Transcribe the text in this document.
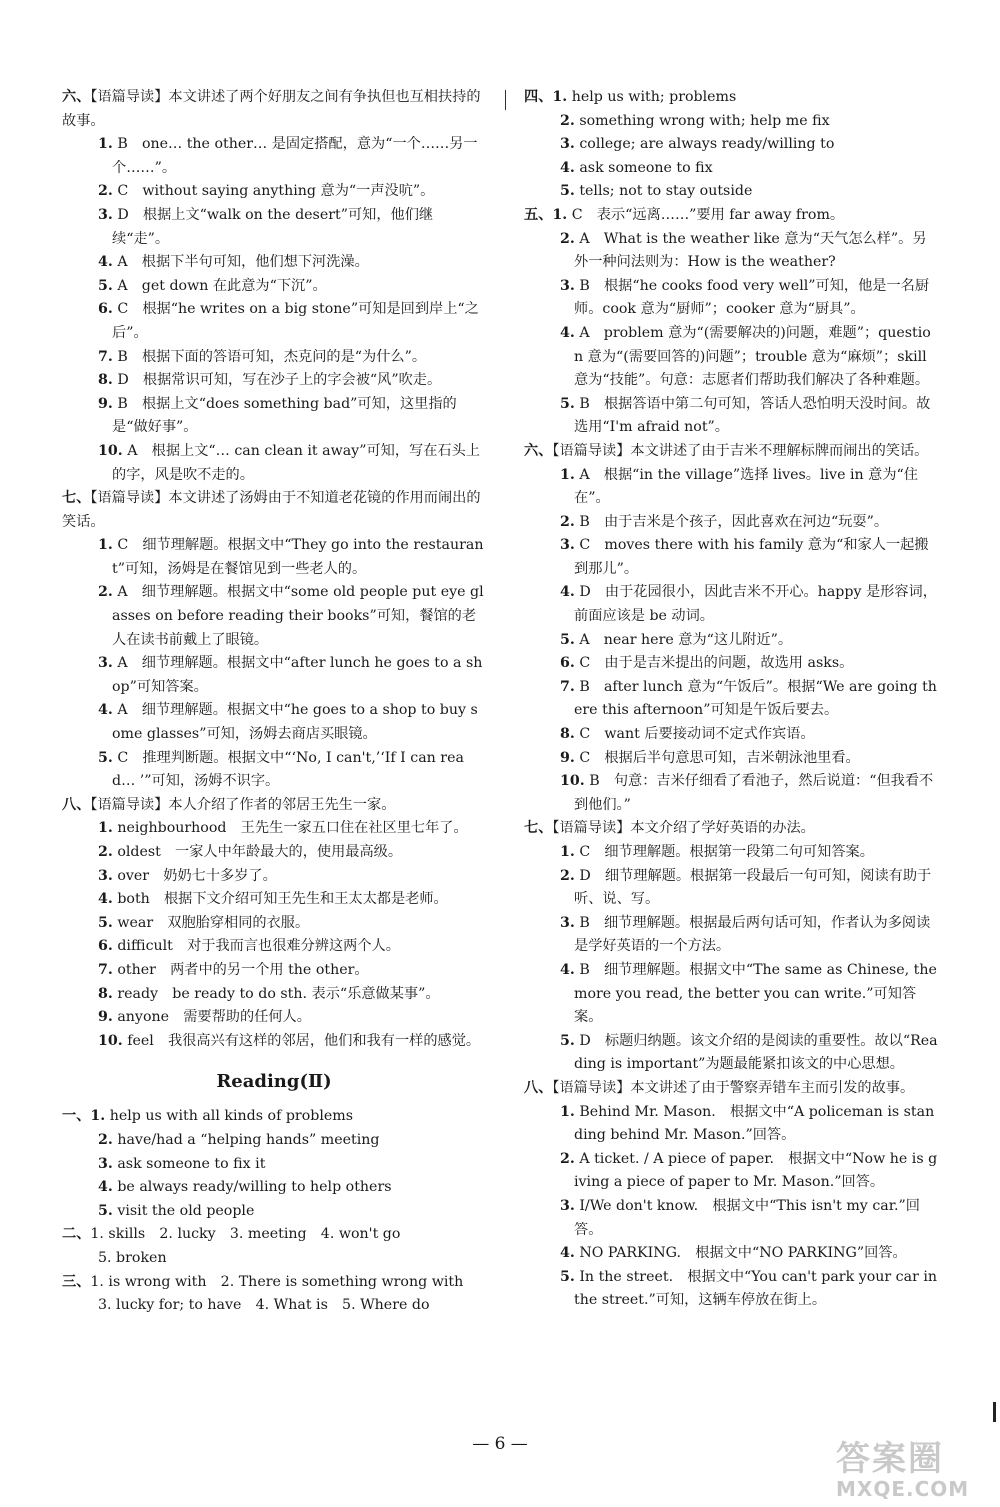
六、【语篇导读】本文讲述了两个好朋友之间有争执但也互相扶持的故事。
1. B　one… the other… 是固定搭配，意为“一个……另一个……”。
2. C　without saying anything 意为“一声没吭”。
3. D　根据上文“walk on the desert”可知，他们继续“走”。
4. A　根据下半句可知，他们想下河洗澡。
5. A　get down 在此意为“下沉”。
6. C　根据“he writes on a big stone”可知是回到岸上“之后”。
7. B　根据下面的答语可知，杰克问的是“为什么”。
8. D　根据常识可知，写在沙子上的字会被“风”吹走。
9. B　根据上文“does something bad”可知，这里指的是“做好事”。
10. A　根据上文“… can clean it away”可知，写在石头上的字，风是吹不走的。
七、【语篇导读】本文讲述了汤姆由于不知道老花镜的作用而闹出的笑话。
1. C　细节理解题。根据文中“They go into the restaurant”可知，汤姆是在餐馆见到一些老人的。
2. A　细节理解题。根据文中“some old people put eye glasses on before reading their books”可知，餐馆的老人在读书前戴上了眼镜。
3. A　细节理解题。根据文中“after lunch he goes to a shop”可知答案。
4. A　细节理解题。根据文中“he goes to a shop to buy some glasses”可知，汤姆去商店买眼镜。
5. C　推理判断题。根据文中“‘No, I can't,’‘If I can read… ’”可知，汤姆不识字。
八、【语篇导读】本人介绍了作者的邻居王先生一家。
1. neighbourhood　王先生一家五口住在社区里七年了。
2. oldest　一家人中年龄最大的，使用最高级。
3. over　奶奶七十多岁了。
4. both　根据下文介绍可知王先生和王太太都是老师。
5. wear　双胞胎穿相同的衣服。
6. difficult　对于我而言也很难分辨这两个人。
7. other　两者中的另一个用 the other。
8. ready　be ready to do sth. 表示“乐意做某事”。
9. anyone　需要帮助的任何人。
10. feel　我很高兴有这样的邻居，他们和我有一样的感觉。
Reading(Ⅱ)
一、1. help us with all kinds of problems
2. have/had a “helping hands” meeting
3. ask someone to fix it
4. be always ready/willing to help others
5. visit the old people
二、1. skills　2. lucky　3. meeting　4. won't go
5. broken
三、1. is wrong with　2. There is something wrong with
3. lucky for; to have　4. What is　5. Where do
四、1. help us with; problems
2. something wrong with; help me fix
3. college; are always ready/willing to
4. ask someone to fix
5. tells; not to stay outside
五、1. C　表示“远离……”要用 far away from。
2. A　What is the weather like 意为“天气怎么样”。另外一种问法则为：How is the weather?
3. B　根据“he cooks food very well”可知，他是一名厨师。cook 意为“厨师”；cooker 意为“厨具”。
4. A　problem 意为“(需要解决的)问题，难题”；question 意为“(需要回答的)问题”；trouble 意为“麻烦”；skill 意为“技能”。句意：志愿者们帮助我们解决了各种难题。
5. B　根据答语中第二句可知，答话人恐怕明天没时间。故选用“I'm afraid not”。
六、【语篇导读】本文讲述了由于吉米不理解标牌而闹出的笑话。
1. A　根据“in the village”选择 lives。live in 意为“住在”。
2. B　由于吉米是个孩子，因此喜欢在河边“玩耍”。
3. C　moves there with his family 意为“和家人一起搬到那儿”。
4. D　由于花园很小，因此吉米不开心。happy 是形容词，前面应该是 be 动词。
5. A　near here 意为“这儿附近”。
6. C　由于是吉米提出的问题，故选用 asks。
7. B　after lunch 意为“午饭后”。根据“We are going there this afternoon”可知是午饭后要去。
8. C　want 后要接动词不定式作宾语。
9. C　根据后半句意思可知，吉米朝泳池里看。
10. B　句意：吉米仔细看了看池子，然后说道：“但我看不到他们。”
七、【语篇导读】本文介绍了学好英语的办法。
1. C　细节理解题。根据第一段第二句可知答案。
2. D　细节理解题。根据第一段最后一句可知，阅读有助于听、说、写。
3. B　细节理解题。根据最后两句话可知，作者认为多阅读是学好英语的一个方法。
4. B　细节理解题。根据文中“The same as Chinese, the more you read, the better you can write.”可知答案。
5. D　标题归纳题。该文介绍的是阅读的重要性。故以“Reading is important”为题最能紧扣该文的中心思想。
八、【语篇导读】本文讲述了由于警察弄错车主而引发的故事。
1. Behind Mr. Mason.　根据文中“A policeman is standing behind Mr. Mason.”回答。
2. A ticket. / A piece of paper.　根据文中“Now he is giving a piece of paper to Mr. Mason.”回答。
3. I/We don't know.　根据文中“This isn't my car.”回答。
4. NO PARKING.　根据文中“NO PARKING”回答。
5. In the street.　根据文中“You can't park your car in the street.”可知，这辆车停放在街上。
— 6 —	答案圈
MXQE.COM
